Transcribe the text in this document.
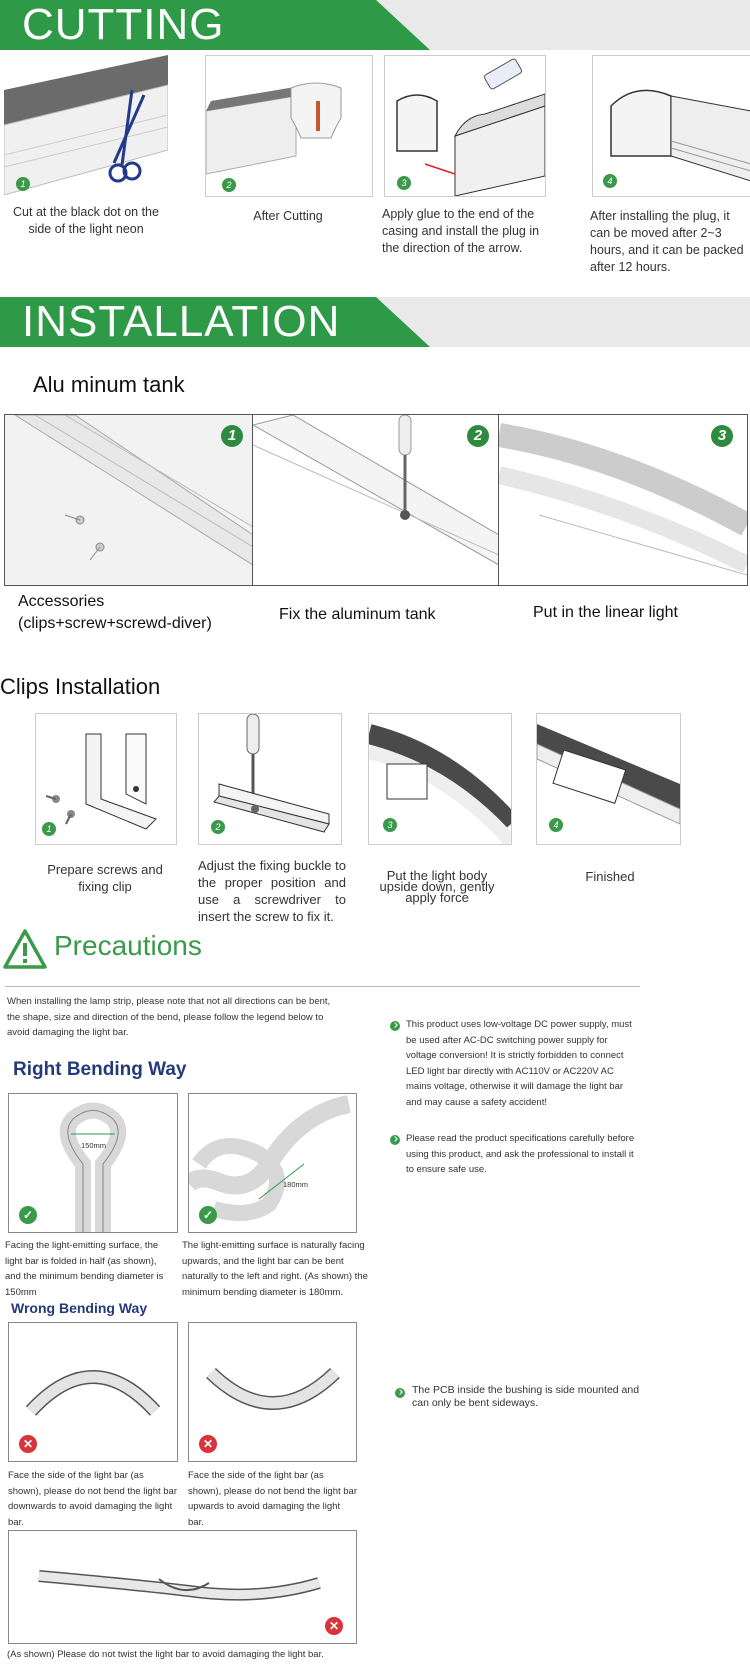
CUTTING
1
Cut at the black dot on the side of the light neon
2
After Cutting
3
Apply glue to the end of the casing and install the plug in the direction of the arrow.
4
After installing the plug, it can be moved after 2~3 hours, and it can be packed after 12 hours.
INSTALLATION
Alu minum tank
1	2	3
Accessories
(clips+screw+screwd-diver)
Fix the aluminum tank	Put in the linear light
Clips Installation
1	2	3	4
Prepare screws and fixing clip
Adjust the fixing buckle to the proper position and use a screwdriver to insert the screw to fix it.
Put the light body upside down, gently apply force
Finished
Precautions
When installing the lamp strip, please note that not all directions can be bent, the shape, size and direction of the bend, please follow the legend below to avoid damaging the light bar.
Right Bending Way
150mm
✓
180mm
✓
Facing the light-emitting surface, the light bar is folded in half (as shown), and the minimum bending diameter is 150mm
The light-emitting surface is naturally facing upwards, and the light bar can be bent naturally to the left and right. (As shown) the minimum bending diameter is 180mm.
Wrong Bending Way
✕	✕
Face the side of the light bar (as shown), please do not bend the light bar downwards to avoid damaging the light bar.
Face the side of the light bar (as shown), please do not bend the light bar upwards to avoid damaging the light bar.
✕
(As shown) Please do not twist the light bar to avoid damaging the light bar.
This product uses low-voltage DC power supply, must be used after AC-DC switching power supply for voltage conversion! It is strictly forbidden to connect LED light bar directly with AC110V or AC220V AC mains voltage, otherwise it will damage the light bar and may cause a safety accident!
Please read the product specifications carefully before using this product, and ask the professional to install it to ensure safe use.
The PCB inside the bushing is side mounted and can only be bent sideways.
